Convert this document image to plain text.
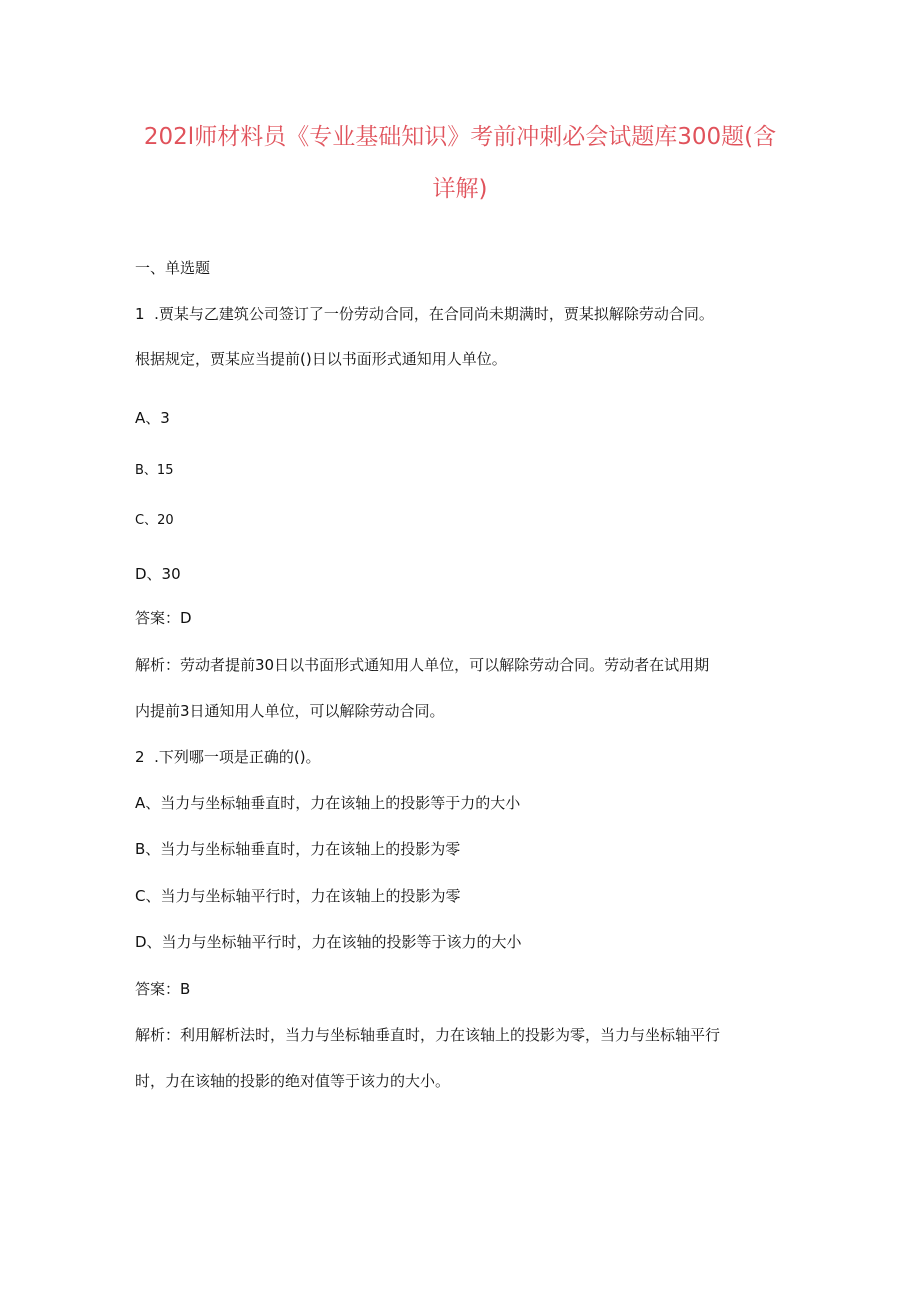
202l师材料员《专业基础知识》考前冲刺必会试题库300题(含
详解)
一、单选题
1  .贾某与乙建筑公司签订了一份劳动合同，在合同尚未期满时，贾某拟解除劳动合同。
根据规定，贾某应当提前()日以书面形式通知用人单位。
A、3
B、15
C、20
D、30
答案：D
解析：劳动者提前30日以书面形式通知用人单位，可以解除劳动合同。劳动者在试用期
内提前3日通知用人单位，可以解除劳动合同。
2  .下列哪一项是正确的()。
A、当力与坐标轴垂直时，力在该轴上的投影等于力的大小
B、当力与坐标轴垂直时，力在该轴上的投影为零
C、当力与坐标轴平行时，力在该轴上的投影为零
D、当力与坐标轴平行时，力在该轴的投影等于该力的大小
答案：B
解析：利用解析法时，当力与坐标轴垂直时，力在该轴上的投影为零，当力与坐标轴平行
时，力在该轴的投影的绝对值等于该力的大小。
